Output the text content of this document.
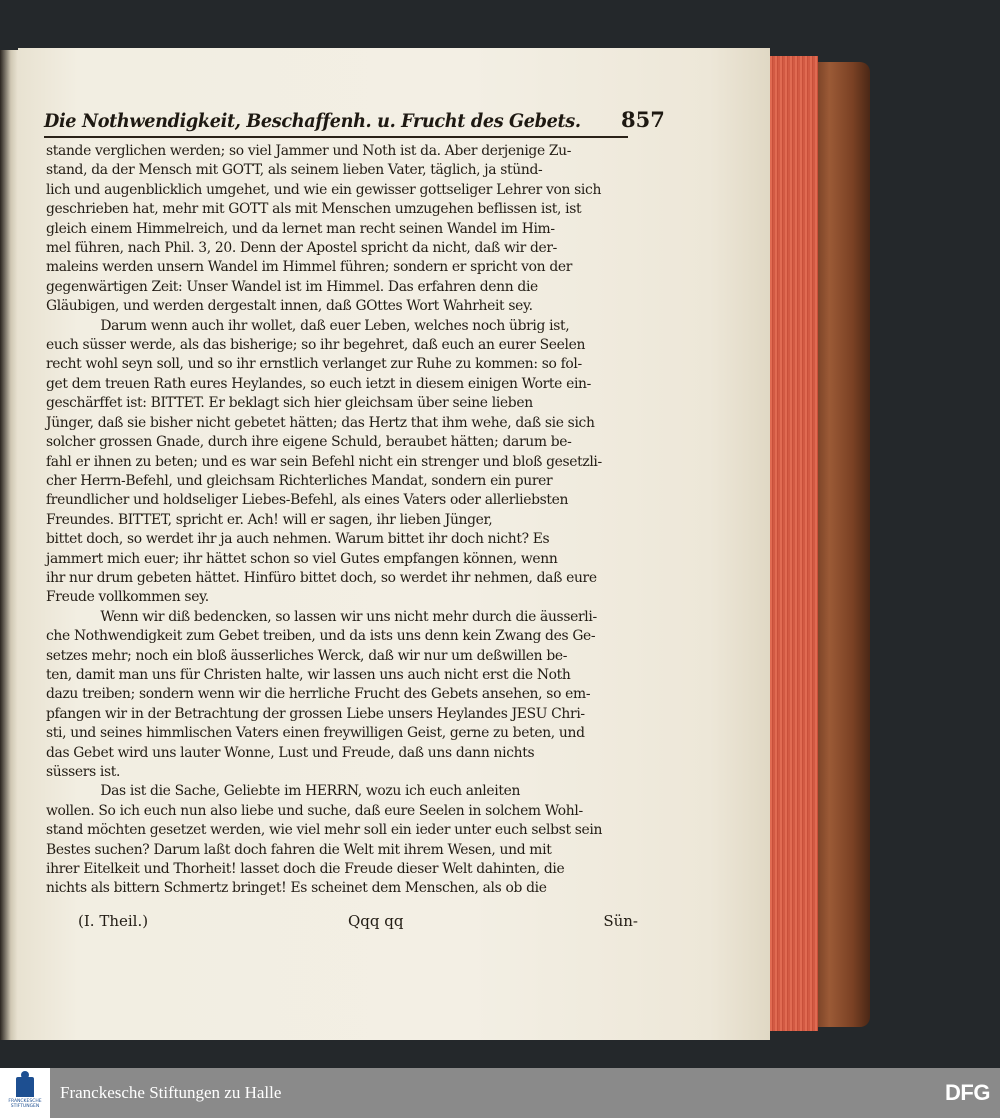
Die Nothwendigkeit, Beschaffenh. u. Frucht des Gebets. 857
stande verglichen werden; so viel Jammer und Noth ist da. Aber derjenige Zu-
stand, da der Mensch mit GOTT, als seinem lieben Vater, täglich, ja stünd-
lich und augenblicklich umgehet, und wie ein gewisser gottseliger Lehrer von sich
geschrieben hat, mehr mit GOTT als mit Menschen umzugehen beflissen ist, ist
gleich einem Himmelreich, und da lernet man recht seinen Wandel im Him-
mel führen, nach Phil. 3, 20. Denn der Apostel spricht da nicht, daß wir der-
maleins werden unsern Wandel im Himmel führen; sondern er spricht von der
gegenwärtigen Zeit: Unser Wandel ist im Himmel. Das erfahren denn die
Gläubigen, und werden dergestalt innen, daß GOttes Wort Wahrheit sey.
Darum wenn auch ihr wollet, daß euer Leben, welches noch übrig ist,
euch süsser werde, als das bisherige; so ihr begehret, daß euch an eurer Seelen
recht wohl seyn soll, und so ihr ernstlich verlanget zur Ruhe zu kommen: so fol-
get dem treuen Rath eures Heylandes, so euch ietzt in diesem einigen Worte ein-
geschärffet ist: BITTET. Er beklagt sich hier gleichsam über seine lieben
Jünger, daß sie bisher nicht gebetet hätten; das Hertz that ihm wehe, daß sie sich
solcher grossen Gnade, durch ihre eigene Schuld, beraubet hätten; darum be-
fahl er ihnen zu beten; und es war sein Befehl nicht ein strenger und bloß gesetzli-
cher Herrn-Befehl, und gleichsam Richterliches Mandat, sondern ein purer
freundlicher und holdseliger Liebes-Befehl, als eines Vaters oder allerliebsten
Freundes. BITTET, spricht er. Ach! will er sagen, ihr lieben Jünger,
bittet doch, so werdet ihr ja auch nehmen. Warum bittet ihr doch nicht? Es
jammert mich euer; ihr hättet schon so viel Gutes empfangen können, wenn
ihr nur drum gebeten hättet. Hinfüro bittet doch, so werdet ihr nehmen, daß eure
Freude vollkommen sey.
Wenn wir diß bedencken, so lassen wir uns nicht mehr durch die äusserli-
che Nothwendigkeit zum Gebet treiben, und da ists uns denn kein Zwang des Ge-
setzes mehr; noch ein bloß äusserliches Werck, daß wir nur um deßwillen be-
ten, damit man uns für Christen halte, wir lassen uns auch nicht erst die Noth
dazu treiben; sondern wenn wir die herrliche Frucht des Gebets ansehen, so em-
pfangen wir in der Betrachtung der grossen Liebe unsers Heylandes JESU Chri-
sti, und seines himmlischen Vaters einen freywilligen Geist, gerne zu beten, und
das Gebet wird uns lauter Wonne, Lust und Freude, daß uns dann nichts
süssers ist.
Das ist die Sache, Geliebte im HERRN, wozu ich euch anleiten
wollen. So ich euch nun also liebe und suche, daß eure Seelen in solchem Wohl-
stand möchten gesetzet werden, wie viel mehr soll ein ieder unter euch selbst sein
Bestes suchen? Darum laßt doch fahren die Welt mit ihrem Wesen, und mit
ihrer Eitelkeit und Thorheit! lasset doch die Freude dieser Welt dahinten, die
nichts als bittern Schmertz bringet! Es scheinet dem Menschen, als ob die
(I. Theil.)	Qqq qq	Sün-
FRANCKESCHE STIFTUNGEN
Franckesche Stiftungen zu Halle	DFG
